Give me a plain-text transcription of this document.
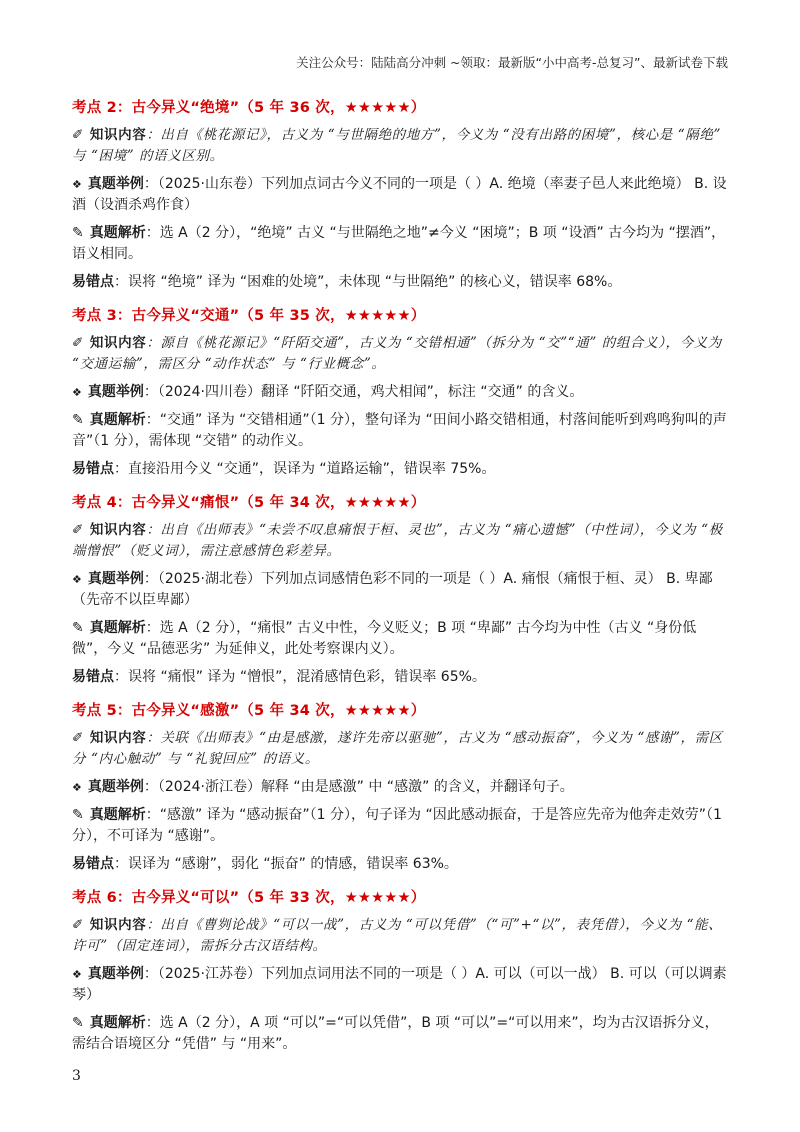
关注公众号：陆陆高分冲刺 ~领取：最新版“小中高考-总复习”、最新试卷下载
考点 2：古今异义“绝境”（5 年 36 次，★★★★★）
✐ 知识内容：出自《桃花源记》，古义为 “与世隔绝的地方”，今义为 “没有出路的困境”，核心是 “隔绝” 与 “困境” 的语义区别。
❖ 真题举例：（2025·山东卷）下列加点词古今义不同的一项是（ ）A. 绝境（率妻子邑人来此绝境） B. 设酒（设酒杀鸡作食）
✎ 真题解析：选 A（2 分），“绝境” 古义 “与世隔绝之地”≠今义 “困境”；B 项 “设酒” 古今均为 “摆酒”，语义相同。
易错点：误将 “绝境” 译为 “困难的处境”，未体现 “与世隔绝” 的核心义，错误率 68%。
考点 3：古今异义“交通”（5 年 35 次，★★★★★）
✐ 知识内容：源自《桃花源记》“阡陌交通”，古义为 “交错相通”（拆分为 “交”“通” 的组合义），今义为 “交通运输”，需区分 “动作状态” 与 “行业概念”。
❖ 真题举例：（2024·四川卷）翻译 “阡陌交通，鸡犬相闻”，标注 “交通” 的含义。
✎ 真题解析：“交通” 译为 “交错相通”（1 分），整句译为 “田间小路交错相通，村落间能听到鸡鸣狗叫的声音”（1 分），需体现 “交错” 的动作义。
易错点：直接沿用今义 “交通”，误译为 “道路运输”，错误率 75%。
考点 4：古今异义“痛恨”（5 年 34 次，★★★★★）
✐ 知识内容：出自《出师表》“未尝不叹息痛恨于桓、灵也”，古义为 “痛心遗憾”（中性词），今义为 “极端憎恨”（贬义词），需注意感情色彩差异。
❖ 真题举例：（2025·湖北卷）下列加点词感情色彩不同的一项是（ ）A. 痛恨（痛恨于桓、灵） B. 卑鄙（先帝不以臣卑鄙）
✎ 真题解析：选 A（2 分），“痛恨” 古义中性，今义贬义；B 项 “卑鄙” 古今均为中性（古义 “身份低微”，今义 “品德恶劣” 为延伸义，此处考察课内义）。
易错点：误将 “痛恨” 译为 “憎恨”，混淆感情色彩，错误率 65%。
考点 5：古今异义“感激”（5 年 34 次，★★★★★）
✐ 知识内容：关联《出师表》“由是感激，遂许先帝以驱驰”，古义为 “感动振奋”，今义为 “感谢”，需区分 “内心触动” 与 “礼貌回应” 的语义。
❖ 真题举例：（2024·浙江卷）解释 “由是感激” 中 “感激” 的含义，并翻译句子。
✎ 真题解析：“感激” 译为 “感动振奋”（1 分），句子译为 “因此感动振奋，于是答应先帝为他奔走效劳”（1 分），不可译为 “感谢”。
易错点：误译为 “感谢”，弱化 “振奋” 的情感，错误率 63%。
考点 6：古今异义“可以”（5 年 33 次，★★★★★）
✐ 知识内容：出自《曹刿论战》“可以一战”，古义为 “可以凭借”（“可”+“以”，表凭借），今义为 “能、许可”（固定连词），需拆分古汉语结构。
❖ 真题举例：（2025·江苏卷）下列加点词用法不同的一项是（ ）A. 可以（可以一战） B. 可以（可以调素琴）
✎ 真题解析：选 A（2 分），A 项 “可以”=“可以凭借”，B 项 “可以”=“可以用来”，均为古汉语拆分义，需结合语境区分 “凭借” 与 “用来”。
3
